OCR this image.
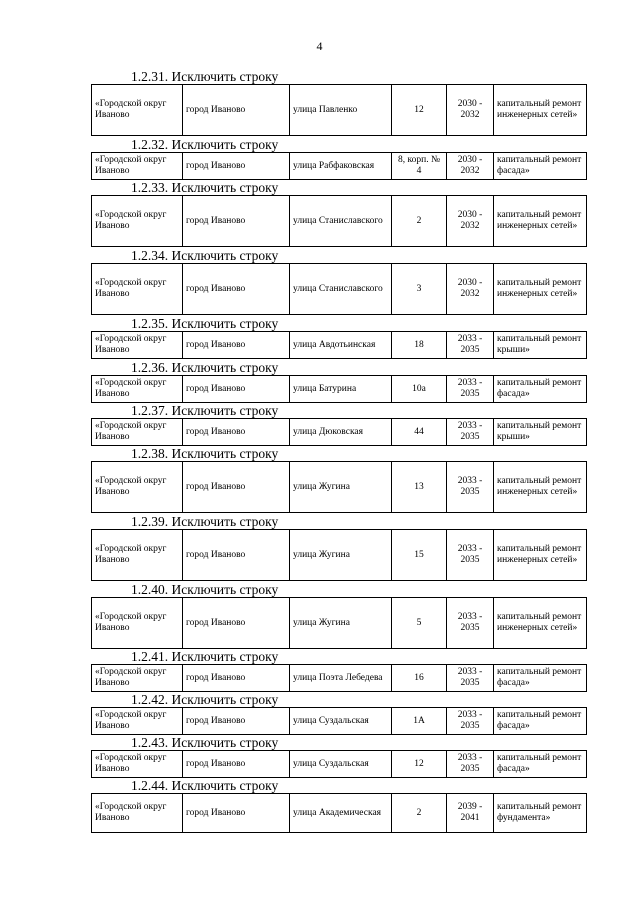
4
1.2.31. Исключить строку
«Городской округ Иваново	город Иваново	улица Павленко	12	2030 - 2032	капитальный ремонт инженерных сетей»
1.2.32. Исключить строку
«Городской округ Иваново	город Иваново	улица Рабфаковская	8, корп. № 4	2030 - 2032	капитальный ремонт фасада»
1.2.33. Исключить строку
«Городской округ Иваново	город Иваново	улица Станиславского	2	2030 - 2032	капитальный ремонт инженерных сетей»
1.2.34. Исключить строку
«Городской округ Иваново	город Иваново	улица Станиславского	3	2030 - 2032	капитальный ремонт инженерных сетей»
1.2.35. Исключить строку
«Городской округ Иваново	город Иваново	улица Авдотьинская	18	2033 - 2035	капитальный ремонт крыши»
1.2.36. Исключить строку
«Городской округ Иваново	город Иваново	улица Батурина	10а	2033 - 2035	капитальный ремонт фасада»
1.2.37. Исключить строку
«Городской округ Иваново	город Иваново	улица Дюковская	44	2033 - 2035	капитальный ремонт крыши»
1.2.38. Исключить строку
«Городской округ Иваново	город Иваново	улица Жугина	13	2033 - 2035	капитальный ремонт инженерных сетей»
1.2.39. Исключить строку
«Городской округ Иваново	город Иваново	улица Жугина	15	2033 - 2035	капитальный ремонт инженерных сетей»
1.2.40. Исключить строку
«Городской округ Иваново	город Иваново	улица Жугина	5	2033 - 2035	капитальный ремонт инженерных сетей»
1.2.41. Исключить строку
«Городской округ Иваново	город Иваново	улица Поэта Лебедева	16	2033 - 2035	капитальный ремонт фасада»
1.2.42. Исключить строку
«Городской округ Иваново	город Иваново	улица Суздальская	1А	2033 - 2035	капитальный ремонт фасада»
1.2.43. Исключить строку
«Городской округ Иваново	город Иваново	улица Суздальская	12	2033 - 2035	капитальный ремонт фасада»
1.2.44. Исключить строку
«Городской округ Иваново	город Иваново	улица Академическая	2	2039 - 2041	капитальный ремонт фундамента»
